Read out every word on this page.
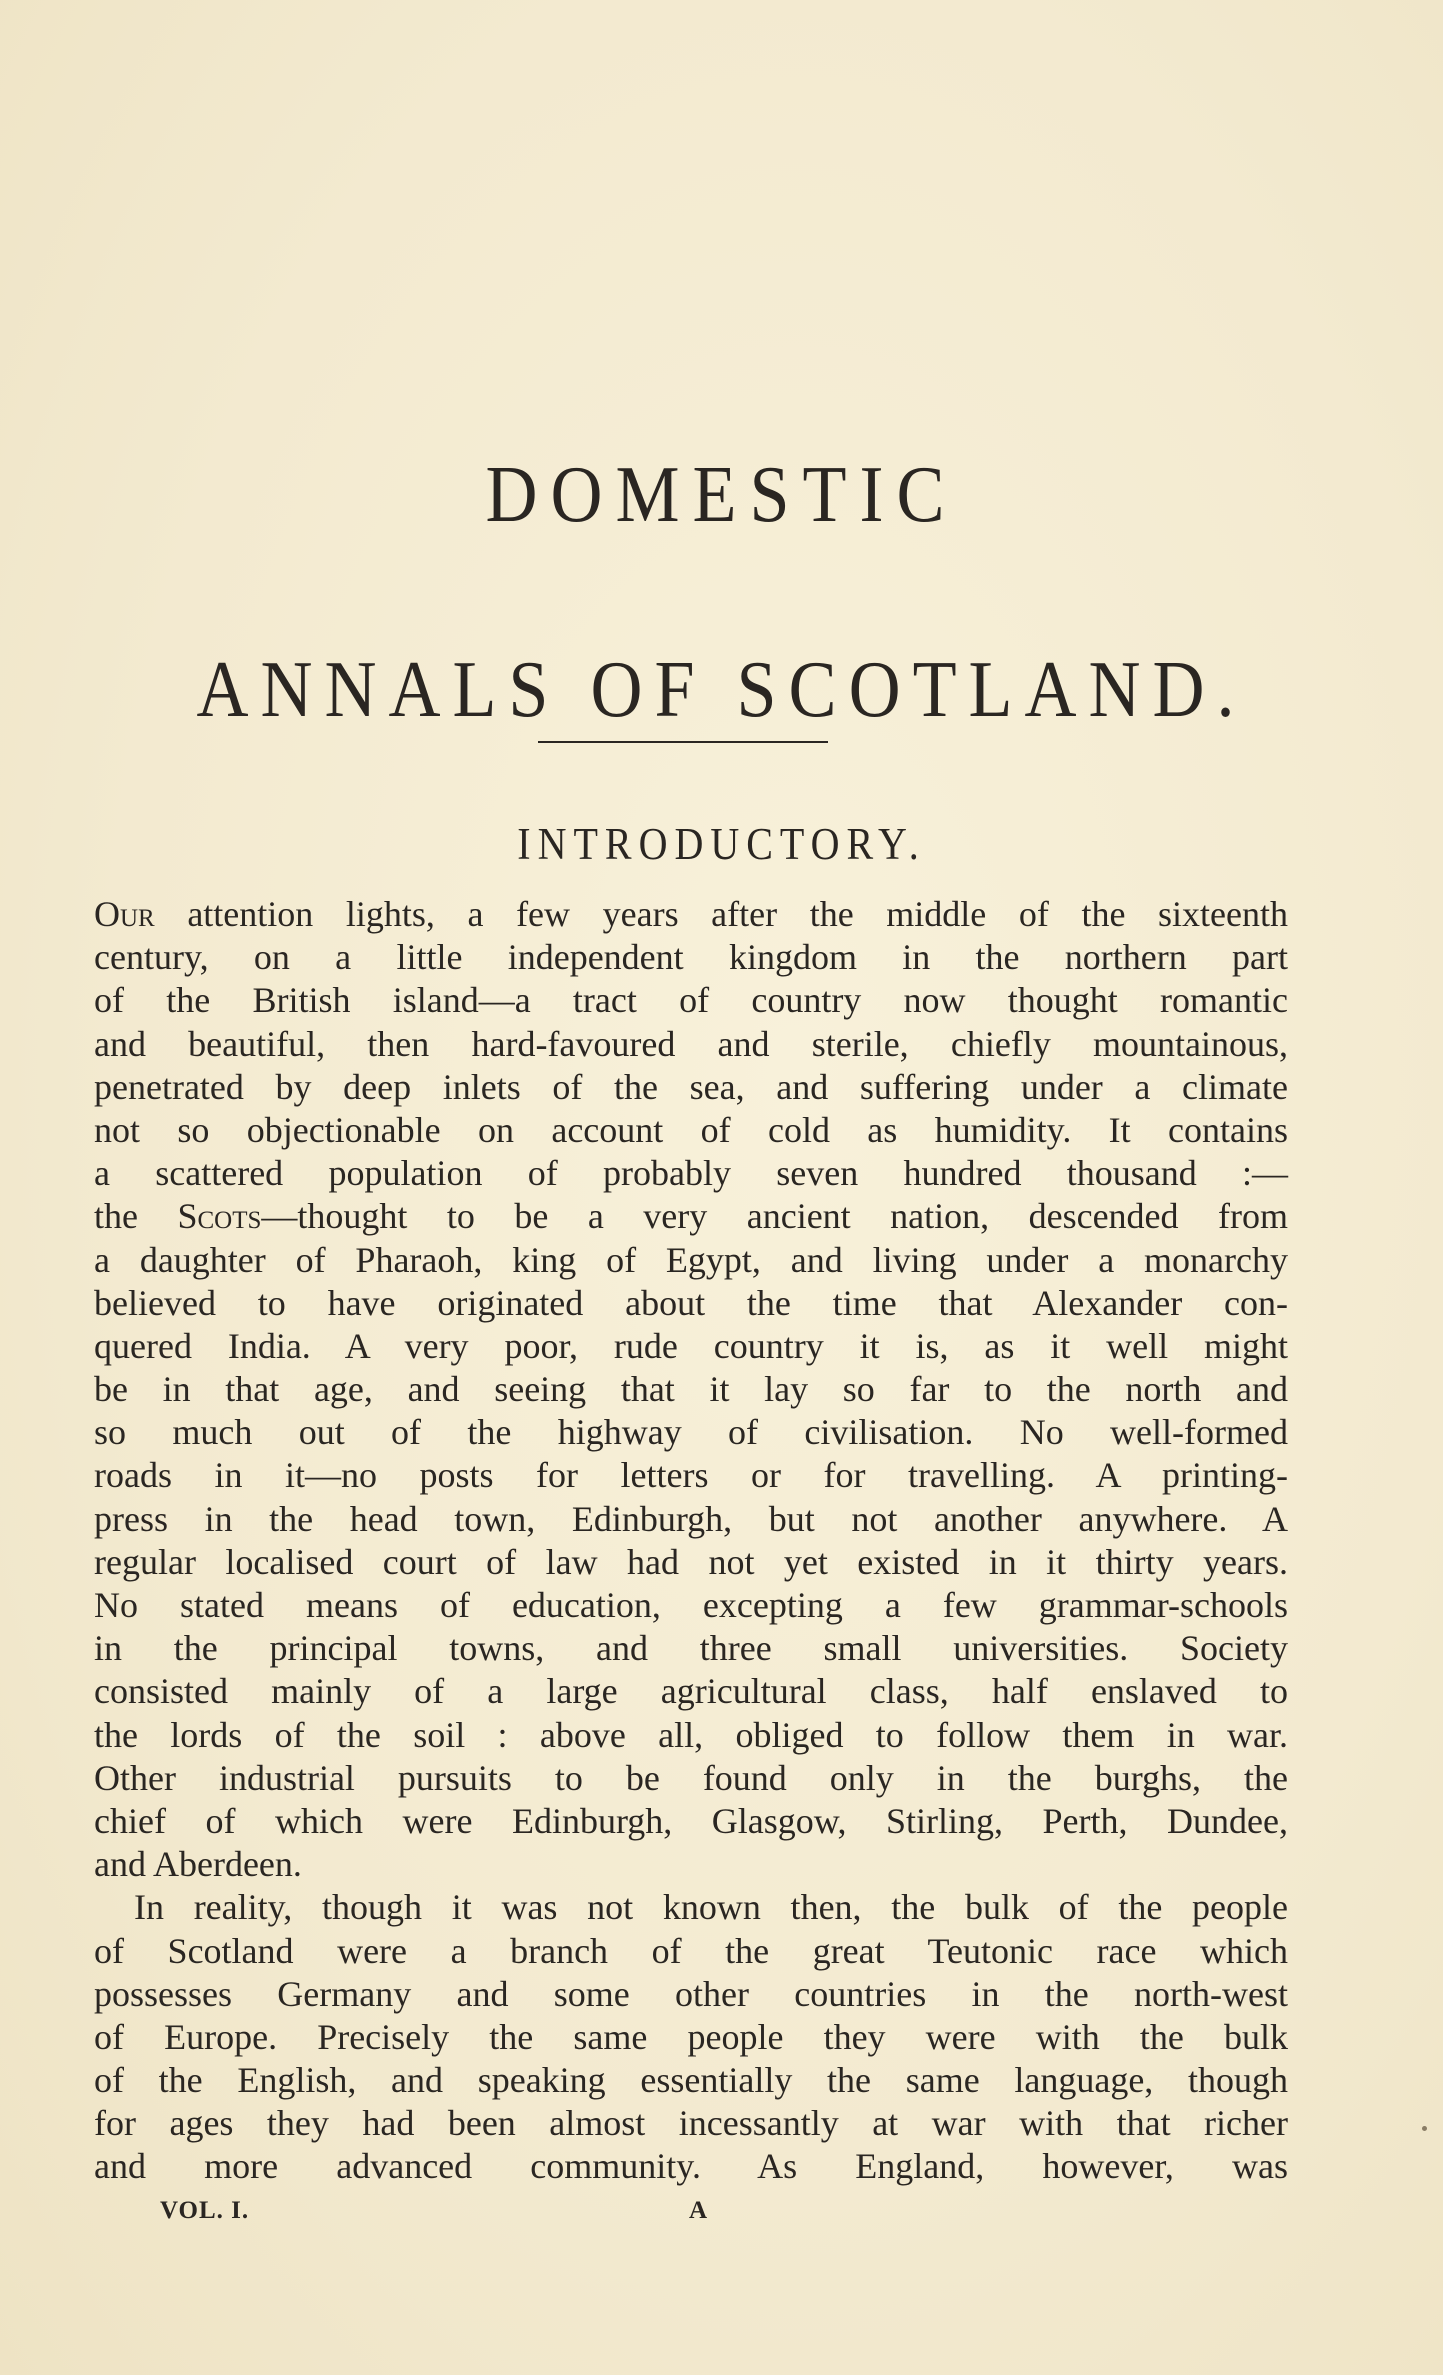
DOMESTIC
ANNALS OF SCOTLAND.
INTRODUCTORY.
Our attention lights, a few years after the middle of the sixteenth
century, on a little independent kingdom in the northern part
of the British island—a tract of country now thought romantic
and beautiful, then hard-favoured and sterile, chiefly mountainous,
penetrated by deep inlets of the sea, and suffering under a climate
not so objectionable on account of cold as humidity. It contains
a scattered population of probably seven hundred thousand :—
the Scots—thought to be a very ancient nation, descended from
a daughter of Pharaoh, king of Egypt, and living under a monarchy
believed to have originated about the time that Alexander con-
quered India. A very poor, rude country it is, as it well might
be in that age, and seeing that it lay so far to the north and
so much out of the highway of civilisation. No well-formed
roads in it—no posts for letters or for travelling. A printing-
press in the head town, Edinburgh, but not another anywhere. A
regular localised court of law had not yet existed in it thirty years.
No stated means of education, excepting a few grammar-schools
in the principal towns, and three small universities. Society
consisted mainly of a large agricultural class, half enslaved to
the lords of the soil : above all, obliged to follow them in war.
Other industrial pursuits to be found only in the burghs, the
chief of which were Edinburgh, Glasgow, Stirling, Perth, Dundee,
and Aberdeen.
In reality, though it was not known then, the bulk of the people
of Scotland were a branch of the great Teutonic race which
possesses Germany and some other countries in the north-west
of Europe. Precisely the same people they were with the bulk
of the English, and speaking essentially the same language, though
for ages they had been almost incessantly at war with that richer
and more advanced community. As England, however, was
VOL. I.	A
